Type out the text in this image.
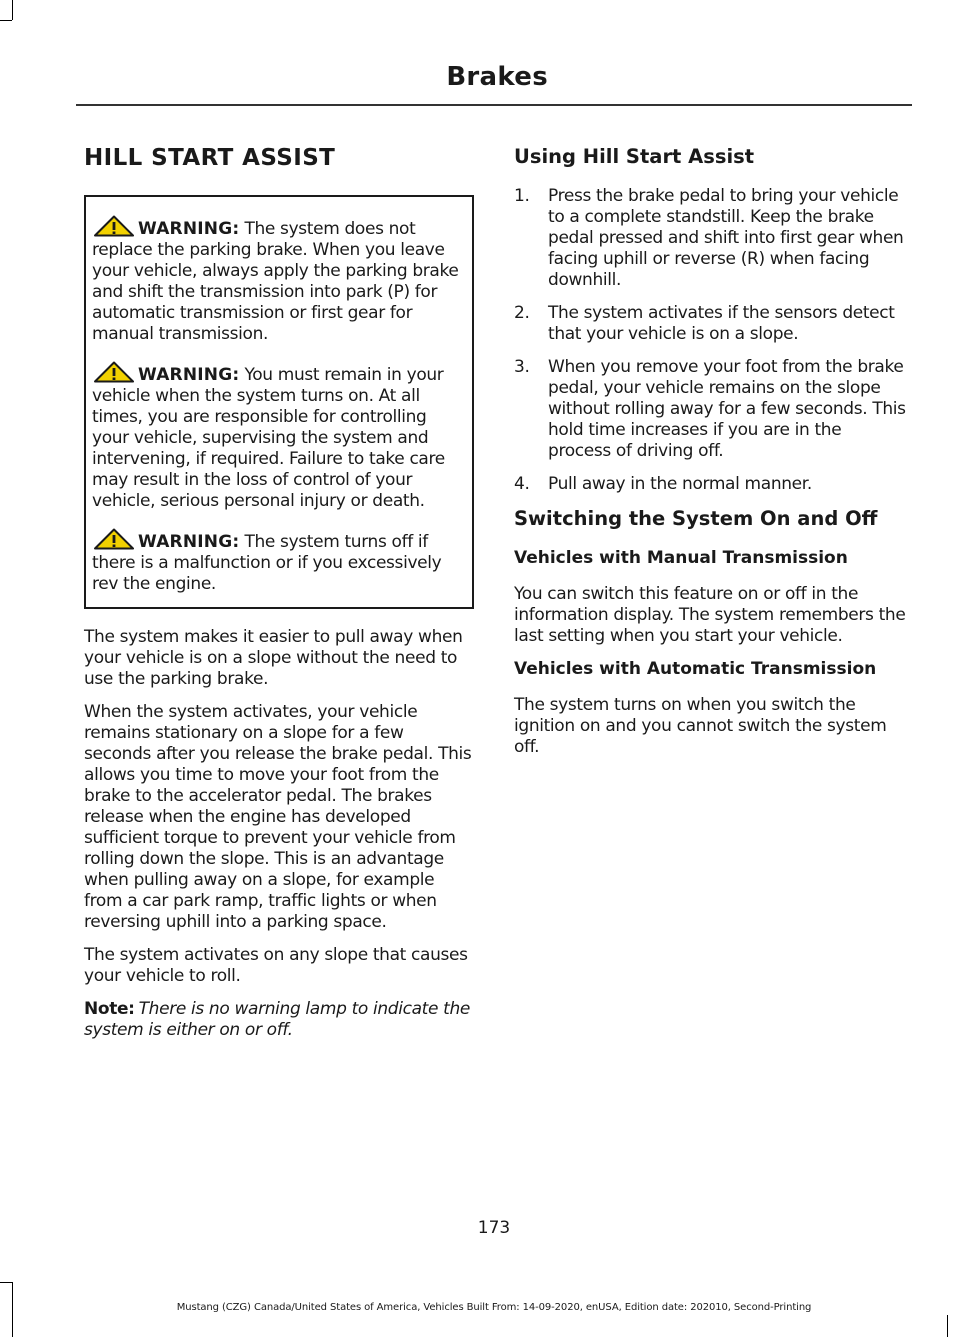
Brakes
HILL START ASSIST
WARNING: The system does not replace the parking brake. When you leave your vehicle, always apply the parking brake and shift the transmission into park (P) for automatic transmission or first gear for manual transmission.
WARNING: You must remain in your vehicle when the system turns on. At all times, you are responsible for controlling your vehicle, supervising the system and intervening, if required. Failure to take care may result in the loss of control of your vehicle, serious personal injury or death.
WARNING: The system turns off if there is a malfunction or if you excessively rev the engine.

The system makes it easier to pull away when your vehicle is on a slope without the need to use the parking brake.

When the system activates, your vehicle remains stationary on a slope for a few seconds after you release the brake pedal. This allows you time to move your foot from the brake to the accelerator pedal. The brakes release when the engine has developed sufficient torque to prevent your vehicle from rolling down the slope. This is an advantage when pulling away on a slope, for example from a car park ramp, traffic lights or when reversing uphill into a parking space.

The system activates on any slope that causes your vehicle to roll.

Note: There is no warning lamp to indicate the system is either on or off.

Using Hill Start Assist
1. Press the brake pedal to bring your vehicle to a complete standstill. Keep the brake pedal pressed and shift into first gear when facing uphill or reverse (R) when facing downhill.
2. The system activates if the sensors detect that your vehicle is on a slope.
3. When you remove your foot from the brake pedal, your vehicle remains on the slope without rolling away for a few seconds. This hold time increases if you are in the process of driving off.
4. Pull away in the normal manner.
Switching the System On and Off
Vehicles with Manual Transmission

You can switch this feature on or off in the information display. The system remembers the last setting when you start your vehicle.

Vehicles with Automatic Transmission

The system turns on when you switch the ignition on and you cannot switch the system off.

173
Mustang (CZG) Canada/United States of America, Vehicles Built From: 14-09-2020, enUSA, Edition date: 202010, Second-Printing
